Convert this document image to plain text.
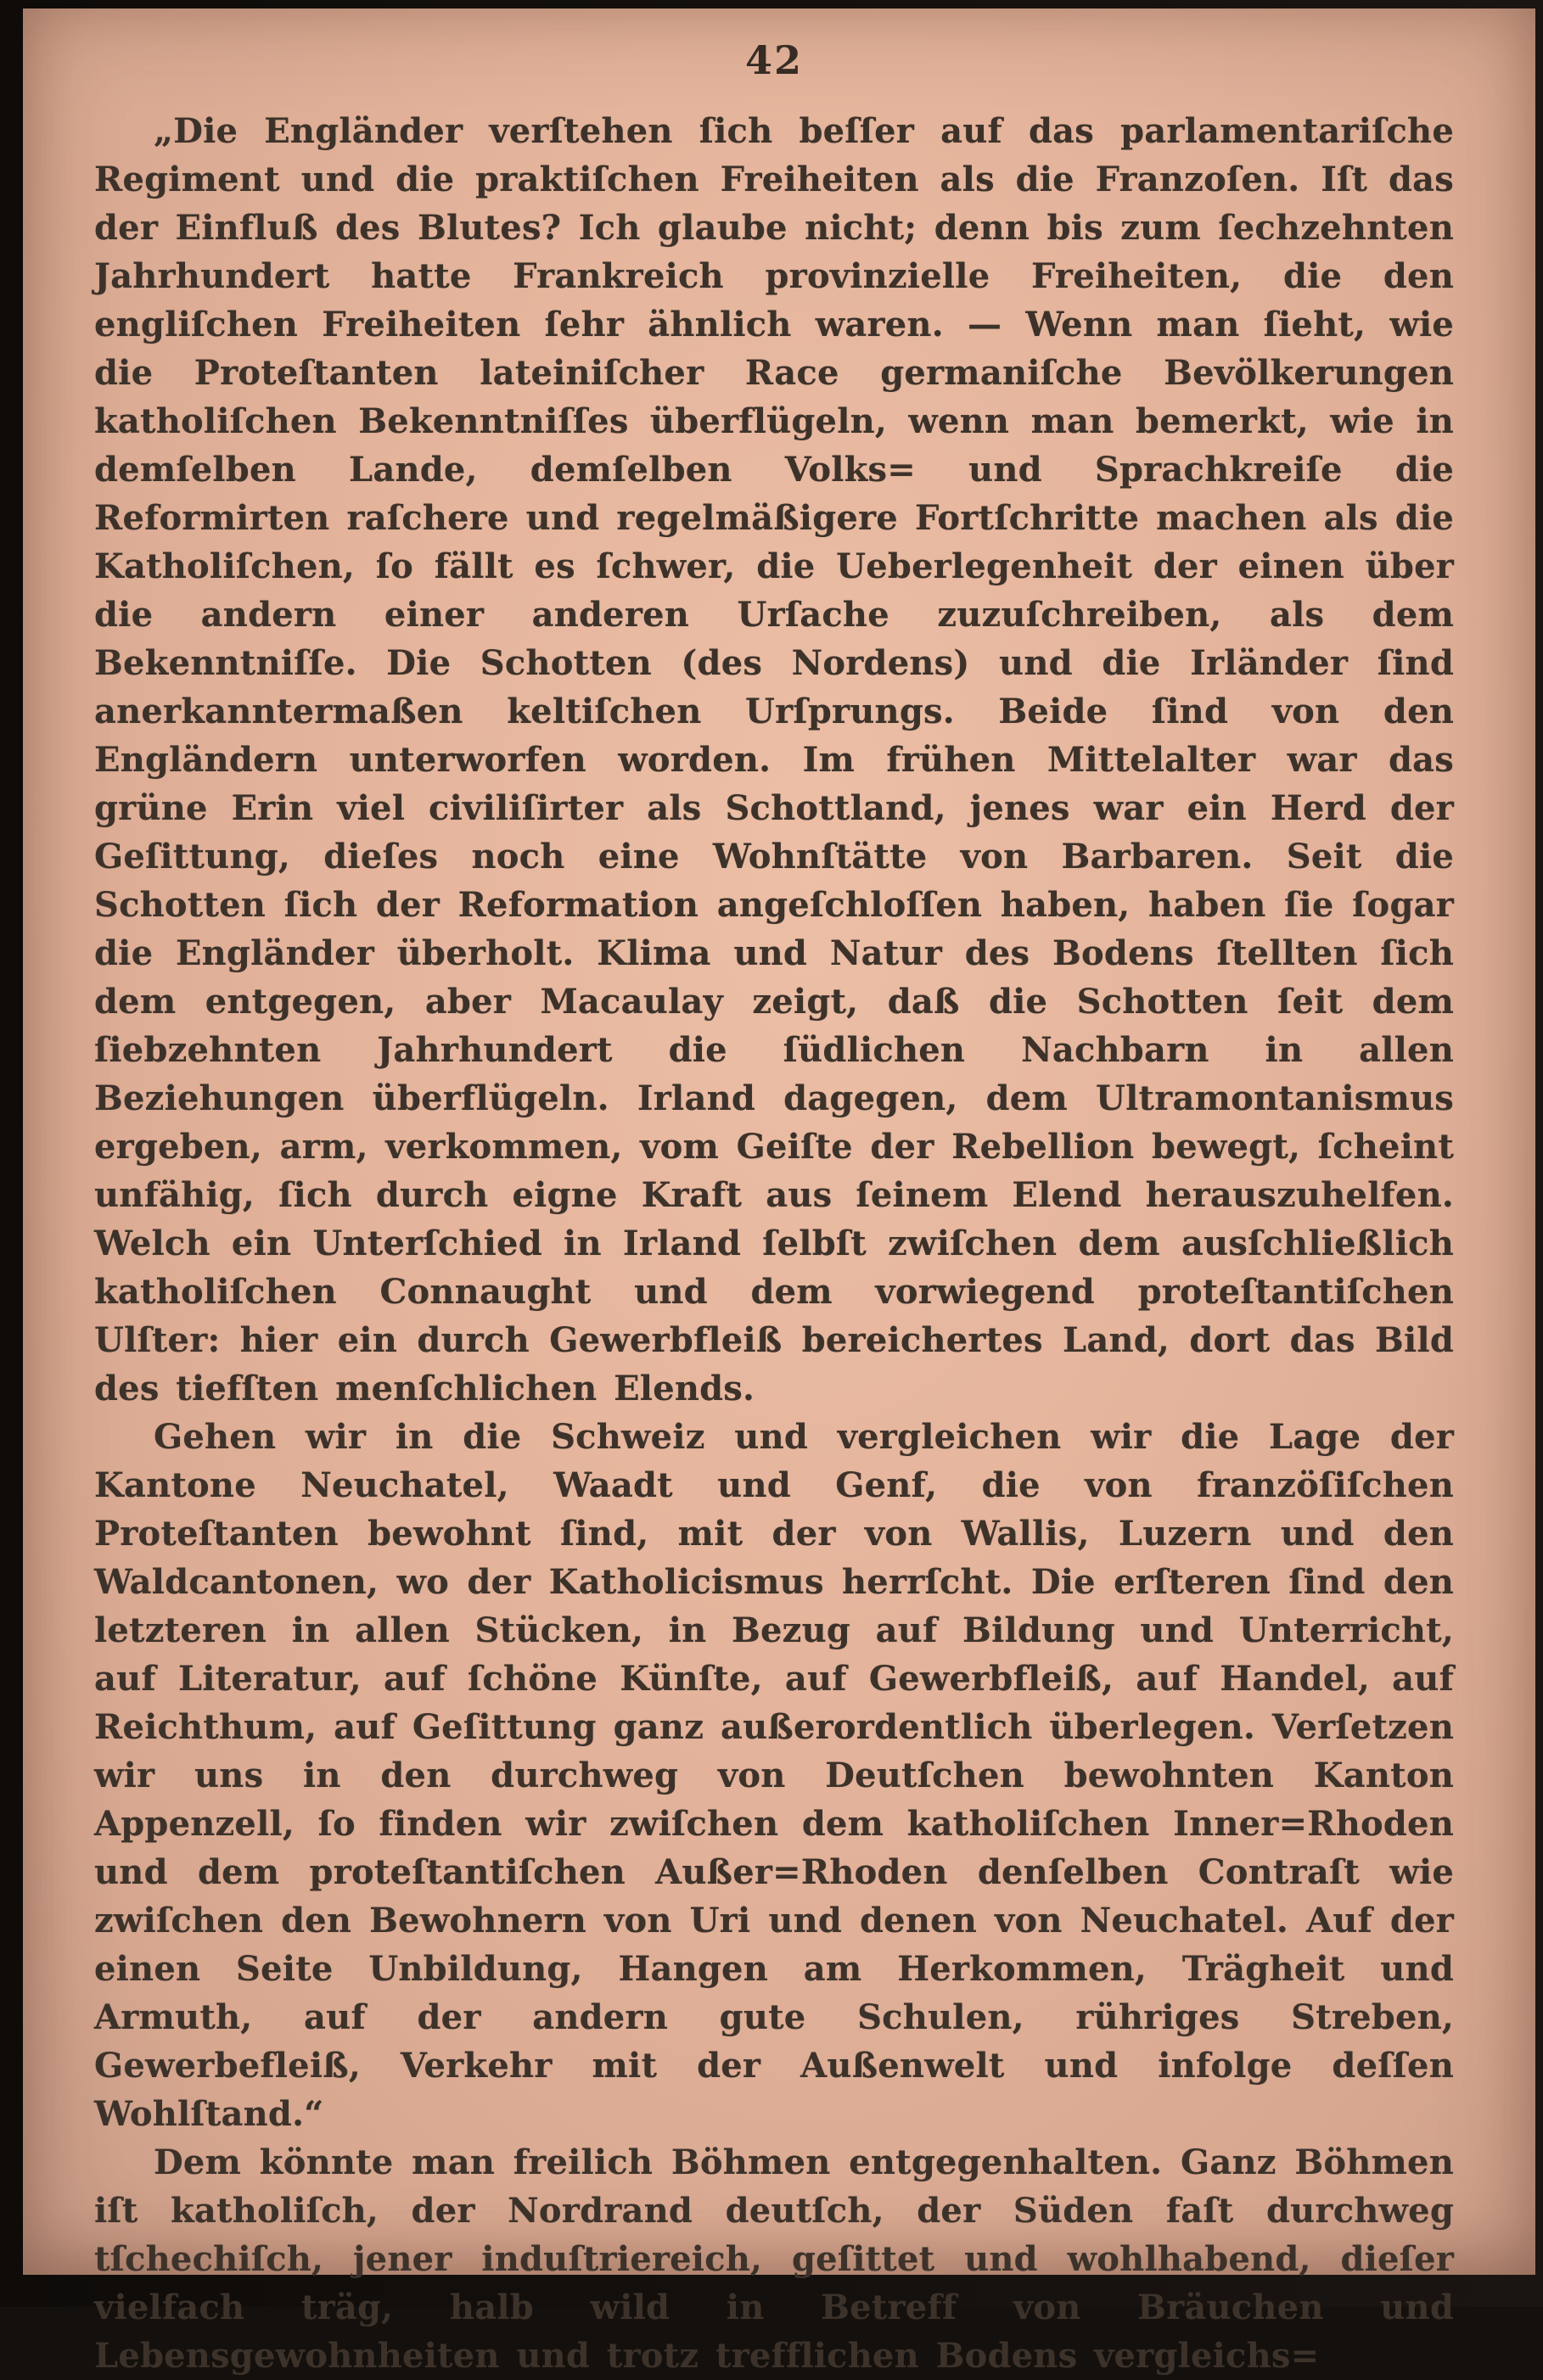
42

„Die Engländer verſtehen ſich beſſer auf das parlamentariſche Regiment und die praktiſchen Freiheiten als die Franzoſen. Iſt das der Einfluß des Blutes? Ich glaube nicht; denn bis zum ſechzehnten Jahrhundert hatte Frankreich provinzielle Freiheiten, die den engliſchen Freiheiten ſehr ähnlich waren. — Wenn man ſieht, wie die Proteſtanten lateiniſcher Race germaniſche Bevölkerungen katholiſchen Bekenntniſſes überflügeln, wenn man bemerkt, wie in demſelben Lande, demſelben Volks= und Sprachkreiſe die Reformirten raſchere und regelmäßigere Fortſchritte machen als die Katholiſchen, ſo fällt es ſchwer, die Ueberlegenheit der einen über die andern einer anderen Urſache zuzuſchreiben, als dem Bekenntniſſe. Die Schotten (des Nordens) und die Irländer ſind anerkanntermaßen keltiſchen Urſprungs. Beide ſind von den Engländern unterworfen worden. Im frühen Mittelalter war das grüne Erin viel civiliſirter als Schottland, jenes war ein Herd der Geſittung, dieſes noch eine Wohnſtätte von Barbaren. Seit die Schotten ſich der Reformation angeſchloſſen haben, haben ſie ſogar die Engländer überholt. Klima und Natur des Bodens ſtellten ſich dem entgegen, aber Macaulay zeigt, daß die Schotten ſeit dem ſiebzehnten Jahrhundert die ſüdlichen Nachbarn in allen Beziehungen überflügeln. Irland dagegen, dem Ultramontanismus ergeben, arm, verkommen, vom Geiſte der Rebellion bewegt, ſcheint unfähig, ſich durch eigne Kraft aus ſeinem Elend herauszuhelfen. Welch ein Unterſchied in Irland ſelbſt zwiſchen dem ausſchließlich katholiſchen Connaught und dem vorwiegend proteſtantiſchen Ulſter: hier ein durch Gewerbfleiß bereichertes Land, dort das Bild des tiefſten menſchlichen Elends.

Gehen wir in die Schweiz und vergleichen wir die Lage der Kantone Neuchatel, Waadt und Genf, die von franzöſiſchen Proteſtanten bewohnt ſind, mit der von Wallis, Luzern und den Waldcantonen, wo der Katholicismus herrſcht. Die erſteren ſind den letzteren in allen Stücken, in Bezug auf Bildung und Unterricht, auf Literatur, auf ſchöne Künſte, auf Gewerbfleiß, auf Handel, auf Reichthum, auf Geſittung ganz außerordentlich überlegen. Verſetzen wir uns in den durchweg von Deutſchen bewohnten Kanton Appenzell, ſo finden wir zwiſchen dem katholiſchen Inner=Rhoden und dem proteſtantiſchen Außer=Rhoden denſelben Contraſt wie zwiſchen den Bewohnern von Uri und denen von Neuchatel. Auf der einen Seite Unbildung, Hangen am Herkommen, Trägheit und Armuth, auf der andern gute Schulen, rühriges Streben, Gewerbefleiß, Verkehr mit der Außenwelt und infolge deſſen Wohlſtand.“

Dem könnte man freilich Böhmen entgegenhalten. Ganz Böhmen iſt katholiſch, der Nordrand deutſch, der Süden faſt durchweg tſchechiſch, jener induſtriereich, geſittet und wohlhabend, dieſer vielfach träg, halb wild in Betreff von Bräuchen und Lebensgewohnheiten und trotz trefflichen Bodens vergleichs=
